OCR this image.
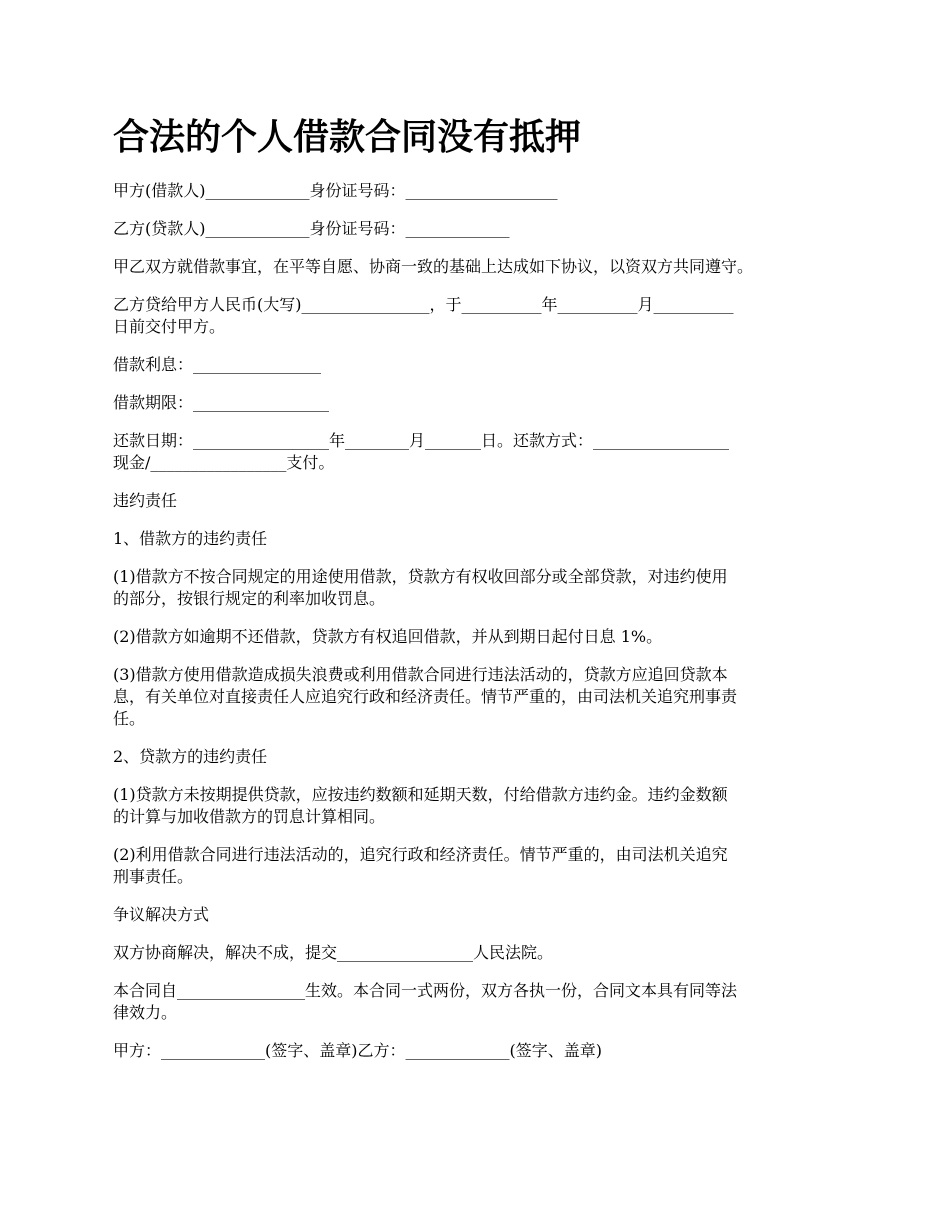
合法的个人借款合同没有抵押

甲方(借款人)_____________身份证号码：___________________

乙方(贷款人)_____________身份证号码：_____________

甲乙双方就借款事宜，在平等自愿、协商一致的基础上达成如下协议，以资双方共同遵守。

乙方贷给甲方人民币(大写)________________，于__________年__________月__________
日前交付甲方。

借款利息：________________

借款期限：_________________

还款日期：_________________年________月_______日。还款方式：_________________
现金/_________________支付。

违约责任

1、借款方的违约责任

(1)借款方不按合同规定的用途使用借款，贷款方有权收回部分或全部贷款，对违约使用
的部分，按银行规定的利率加收罚息。

(2)借款方如逾期不还借款，贷款方有权追回借款，并从到期日起付日息 1%。

(3)借款方使用借款造成损失浪费或利用借款合同进行违法活动的，贷款方应追回贷款本
息，有关单位对直接责任人应追究行政和经济责任。情节严重的，由司法机关追究刑事责
任。

2、贷款方的违约责任

(1)贷款方未按期提供贷款，应按违约数额和延期天数，付给借款方违约金。违约金数额
的计算与加收借款方的罚息计算相同。

(2)利用借款合同进行违法活动的，追究行政和经济责任。情节严重的，由司法机关追究
刑事责任。

争议解决方式

双方协商解决，解决不成，提交_________________人民法院。

本合同自________________生效。本合同一式两份，双方各执一份，合同文本具有同等法
律效力。

甲方：_____________(签字、盖章)乙方：_____________(签字、盖章)
